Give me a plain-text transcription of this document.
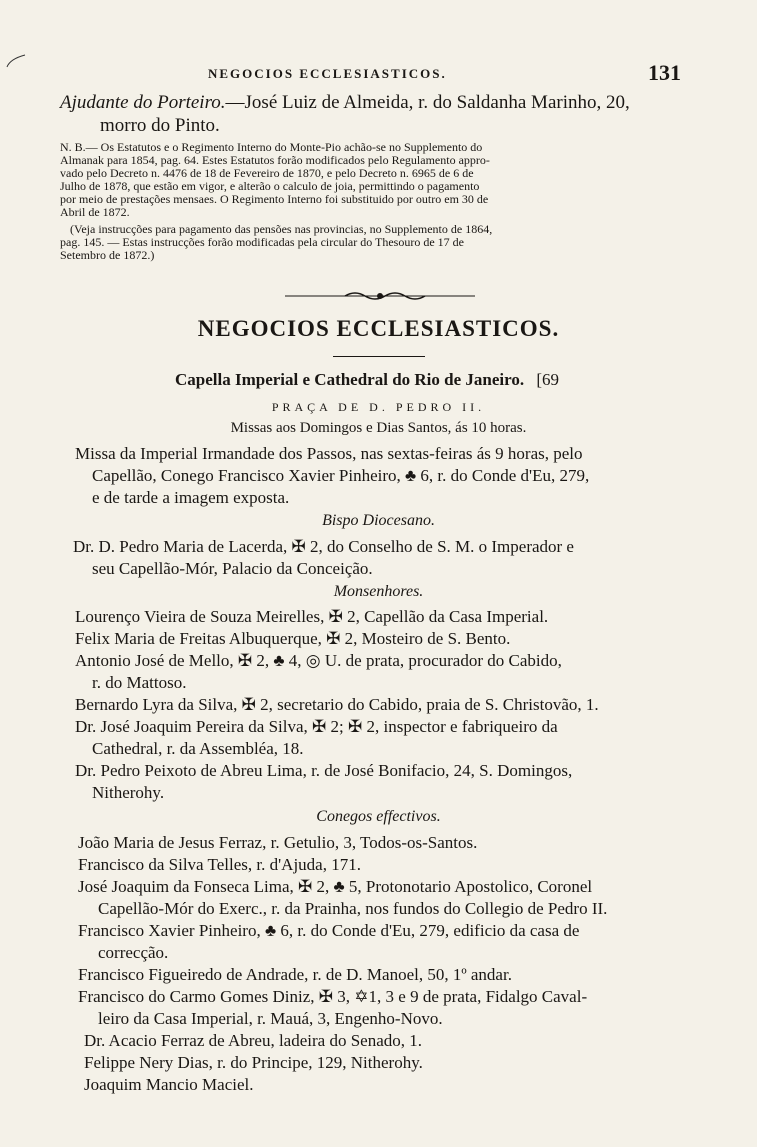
NEGOCIOS ECCLESIASTICOS.	131
Ajudante do Porteiro.—José Luiz de Almeida, r. do Saldanha Marinho, 20,
morro do Pinto.
N. B.— Os Estatutos e o Regimento Interno do Monte-Pio achão-se no Supplemento do
Almanak para 1854, pag. 64. Estes Estatutos forão modificados pelo Regulamento appro-
vado pelo Decreto n. 4476 de 18 de Fevereiro de 1870, e pelo Decreto n. 6965 de 6 de
Julho de 1878, que estão em vigor, e alterão o calculo de joia, permittindo o pagamento
por meio de prestações mensaes. O Regimento Interno foi substituido por outro em 30 de
Abril de 1872.
(Veja instrucções para pagamento das pensões nas provincias, no Supplemento de 1864,
pag. 145. — Estas instrucções forão modificadas pela circular do Thesouro de 17 de
Setembro de 1872.)
NEGOCIOS ECCLESIASTICOS.
Capella Imperial e Cathedral do Rio de Janeiro. [69
PRAÇA DE D. PEDRO II.
Missas aos Domingos e Dias Santos, ás 10 horas.
Missa da Imperial Irmandade dos Passos, nas sextas-feiras ás 9 horas, pelo
Capellão, Conego Francisco Xavier Pinheiro, ♣ 6, r. do Conde d'Eu, 279,
e de tarde a imagem exposta.
Bispo Diocesano.
Dr. D. Pedro Maria de Lacerda, ✠ 2, do Conselho de S. M. o Imperador e
seu Capellão-Mór, Palacio da Conceição.
Monsenhores.
Lourenço Vieira de Souza Meirelles, ✠ 2, Capellão da Casa Imperial.
Felix Maria de Freitas Albuquerque, ✠ 2, Mosteiro de S. Bento.
Antonio José de Mello, ✠ 2, ♣ 4, ◎ U. de prata, procurador do Cabido,
r. do Mattoso.
Bernardo Lyra da Silva, ✠ 2, secretario do Cabido, praia de S. Christovão, 1.
Dr. José Joaquim Pereira da Silva, ✠ 2; ✠ 2, inspector e fabriqueiro da
Cathedral, r. da Assembléa, 18.
Dr. Pedro Peixoto de Abreu Lima, r. de José Bonifacio, 24, S. Domingos,
Nitherohy.
Conegos effectivos.
João Maria de Jesus Ferraz, r. Getulio, 3, Todos-os-Santos.
Francisco da Silva Telles, r. d'Ajuda, 171.
José Joaquim da Fonseca Lima, ✠ 2, ♣ 5, Protonotario Apostolico, Coronel
Capellão-Mór do Exerc., r. da Prainha, nos fundos do Collegio de Pedro II.
Francisco Xavier Pinheiro, ♣ 6, r. do Conde d'Eu, 279, edificio da casa de
correcção.
Francisco Figueiredo de Andrade, r. de D. Manoel, 50, 1º andar.
Francisco do Carmo Gomes Diniz, ✠ 3, ✡1, 3 e 9 de prata, Fidalgo Caval-
leiro da Casa Imperial, r. Mauá, 3, Engenho-Novo.
Dr. Acacio Ferraz de Abreu, ladeira do Senado, 1.
Felippe Nery Dias, r. do Principe, 129, Nitherohy.
Joaquim Mancio Maciel.
